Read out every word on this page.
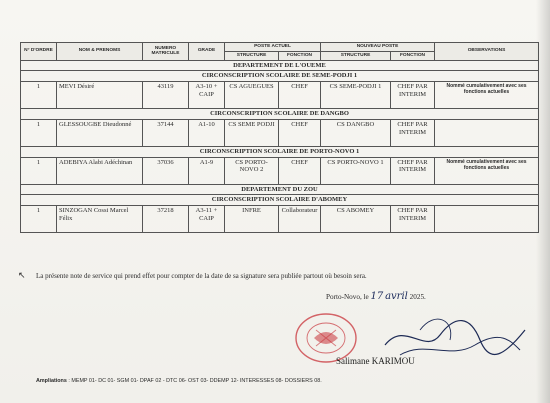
N° D'ORDRE	NOM & PRENOMS	NUMERO MATRICULE	GRADE	POSTE ACTUEL		NOUVEAU POSTE		OBSERVATIONS
				STRUCTURE	FONCTION	STRUCTURE	FONCTION	
DEPARTEMENT DE L'OUEME								
CIRCONSCRIPTION SCOLAIRE DE SEME-PODJI 1								
1	MEVI Désiré	43119	A3-10 + CAIP	CS AGUEGUES	CHEF	CS SEME-PODJI 1	CHEF PAR INTERIM	Nommé cumulativement avec ses fonctions actuelles
CIRCONSCRIPTION SCOLAIRE DE DANGBO								
1	GLESSOUGBE Dieudonné	37144	A1-10	CS SEME PODJI	CHEF	CS DANGBO	CHEF PAR INTERIM	
CIRCONSCRIPTION SCOLAIRE DE PORTO-NOVO 1								
1	ADEBIYA Alabi Adéchinan	37036	A1-9	CS PORTO-NOVO 2	CHEF	CS PORTO-NOVO 1	CHEF PAR INTERIM	Nommé cumulativement avec ses fonctions actuelles
DEPARTEMENT DU ZOU								
CIRCONSCRIPTION SCOLAIRE D'ABOMEY								
1	SINZOGAN Cossi Marcel Félix	37218	A3-11 + CAIP	INFRE	Collaborateur	CS ABOMEY	CHEF PAR INTERIM	
↖ La présente note de service qui prend effet pour compter de la date de sa signature sera publiée partout où besoin sera.
Porto-Novo, le 17 avril 2025.
Salimane KARIMOU
Ampliations : MEMP 01- DC 01- SGM 01- DPAF 02 - DTC 06- OST 03- DDEMP 12- INTERESSES 08- DOSSIERS 08.
